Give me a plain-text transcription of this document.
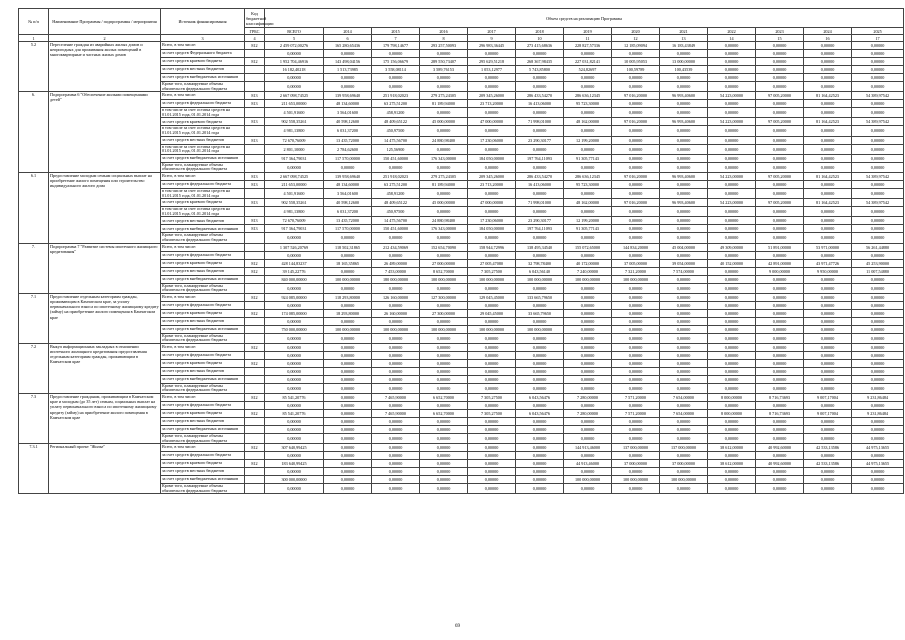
№ п/п	Наименование Программы / подпрограммы / мероприятия	Источник финансирования	Код бюджетной классификации	Объем средств на реализацию Программы												
			ГРБС	ВСЕГО	2014	2015	2016	2017	2018	2019	2020	2021	2022	2023	2024	2025
1	2	3	4	5	6	7	8	9	10	11	12	13	14	15	16	17
5.2	Переселение граждан из аварийных жилых домов и непригодных для проживания жилых помещений в многоквартирные и частных жилых домов	Всего, в том числе:	812	2 459 072,00276	165 280,65436	179 798,14677	293 257,50093	296 983,36445	273 415,68636	228 827,57336	12 185,09094	16 183,43849	0,00000	0,00000	0,00000	0,00000
		за счет средств Федерального бюджета		0,00000	0,00000	0,00000	0,00000	0,00000	0,00000	0,00000	0,00000	0,00000	0,00000	0,00000	0,00000	0,00000
		за счет средств краевого бюджета	812	1 952 704,46916	143 498,04156	175 156,06679	289 550,73407	295 629,51218	268 367,98435	227 031,82141	10 005,95053	13 000,00000	0,00000	0,00000	0,00000	0,00000
		за счет средств местных бюджетов		16 182,40218	1 513,73985	3 558,08114	3 589,76153	1 053,12977	5 743,85800	524,82697	100,59789	100,43539	0,00000	0,00000	0,00000	0,00000
		за счет средств внебюджетных источников		0,00000	0,00000	0,00000	0,00000	0,00000	0,00000	0,00000	0,00000	0,00000	0,00000	0,00000	0,00000	0,00000
		Кроме того, планируемые объемы обязательств федерального бюджета		0,00000	0,00000	0,00000	0,00000	0,00000	0,00000	0,00000	0,00000	0,00000	0,00000	0,00000	0,00000	0,00000
6.	Подпрограмма 6 "Обеспечение жилыми помещениями детей"	Всего, в том числе:	813	2 667 098,74525	139 958,69640	251 918,02023	279 275,24305	209 345,26000	286 433,54270	286 636,12345	97 016,20000	96 993,40600	54 223,00000	97 005,20000	81 164,42523	54 389,97542
		за счет средств федерального бюджета	813	211 653,00000	48 134,60000	63 275,51200	81 189,94000	23 713,20000	16 413,06000	95 723,30000	0,00000	0,00000	0,00000	0,00000	0,00000	0,00000
		в том числе за счет остатка средств на 01.01.2015 года, 01.01.2014 года		4 501,91600	3 564,01600	458,91200	0,00000	0,00000	0,00000	0,00000	0,00000	0,00000	0,00000	0,00000	0,00000	0,00000
		за счет средств краевого бюджета	813	902 558,35261	40 598,12600	48 409,65122	45 000,00000	47 000,00000	71 998,01000	48 162,00000	97 016,20000	96 993,40600	54 223,00000	97 005,20000	81 164,42523	54 389,97542
		в том числе за счет остатка средств на 01.01.2015 года, 01.01.2014 года		4 981,13800	6 031,37200	450,97500	0,00000	0,00000	0,00000	0,00000	0,00000	0,00000	0,00000	0,00000	0,00000	0,00000
		за счет средств местных бюджетов	813	72 670,76009	13 435,72000	14 475,56700	24 880,98400	17 230,06000	23 290,30177	12 199,20000	0,00000	0,00000	0,00000	0,00000	0,00000	0,00000
		в том числе за счет остатка средств на 01.01.2015 года, 01.01.2014 года		2 801,10000	2 784,62600	125,56900	0,00000	0,00000	0,00000	0,00000	0,00000	0,00000	0,00000	0,00000	0,00000	0,00000
		за счет средств внебюджетных источников		917 364,79031	117 570,00000	150 451,60000	176 343,00000	184 050,00000	197 764,11093	91 305,77143	0,00000	0,00000	0,00000	0,00000	0,00000	0,00000
		Кроме того, планируемые объемы обязательств федерального бюджета		0,00000	0,00000	0,00000	0,00000	0,00000	0,00000	0,00000	0,00000	0,00000	0,00000	0,00000	0,00000	0,00000
6.1	Предоставление молодым семьям социальных выплат на приобретение жилого помещения или строительство индивидуального жилого дома	Всего, в том числе:	813	2 667 098,74525	139 958,69640	251 918,02023	279 275,24305	209 345,26000	286 433,54270	286 636,12345	97 016,20000	96 993,40600	54 223,00000	97 005,20000	81 164,42523	54 389,97542
		за счет средств федерального бюджета	813	211 653,00000	48 134,60000	63 275,51200	81 189,94000	23 713,20000	16 413,06000	95 723,30000	0,00000	0,00000	0,00000	0,00000	0,00000	0,00000
		в том числе за счет остатка средств на 01.01.2015 года, 01.01.2014 года		4 501,91600	3 564,01600	458,91200	0,00000	0,00000	0,00000	0,00000	0,00000	0,00000	0,00000	0,00000	0,00000	0,00000
		за счет средств краевого бюджета	813	902 558,35261	40 598,12600	48 409,65122	45 000,00000	47 000,00000	71 998,01000	48 162,00000	97 016,20000	96 993,40600	54 223,00000	97 005,20000	81 164,42523	54 389,97542
		в том числе за счет остатка средств на 01.01.2015 года, 01.01.2014 года		4 981,13800	6 031,37200	450,97500	0,00000	0,00000	0,00000	0,00000	0,00000	0,00000	0,00000	0,00000	0,00000	0,00000
		за счет средств местных бюджетов	813	72 670,76009	13 435,72000	14 475,56700	24 880,98400	17 230,06000	23 290,30177	12 199,20000	0,00000	0,00000	0,00000	0,00000	0,00000	0,00000
		за счет средств внебюджетных источников	813	917 364,79031	117 570,00000	150 451,60000	176 343,00000	184 050,00000	197 764,11093	91 305,77143	0,00000	0,00000	0,00000	0,00000	0,00000	0,00000
		Кроме того, планируемые объемы обязательств федерального бюджета		0,00000	0,00000	0,00000	0,00000	0,00000	0,00000	0,00000	0,00000	0,00000	0,00000	0,00000	0,00000	0,00000
7.	Подпрограмма 7 "Развитие системы ипотечного жилищного кредитования"	Всего, в том числе:		1 307 526,20769	118 502,31865	212 434,59069	152 654,70090	158 944,72996	138 495,34540	155 072,65000	144 834,20000	45 004,00000	49 309,00000	51 891,00000	53 971,00000	56 261,44880
		за счет средств федерального бюджета		0,00000	0,00000	0,00000	0,00000	0,00000	0,00000	0,00000	0,00000	0,00000	0,00000	0,00000	0,00000	0,00000
		за счет средств краевого бюджета	812	428 144,83237	18 165,35865	26 489,00000	27 000,00000	27 005,47080	32 798,78400	40 172,00000	37 005,00000	39 054,00000	40 152,00000	42 891,00000	43 971,47726	45 253,90000
		за счет средств местных бюджетов	812	39 145,22776	0,00000	7 453,00000	8 652,70000	7 305,27500	6 043,56140	7 240,00000	7 321,20000	7 574,00000	0,00000	9 000,00000	9 950,00000	11 007,54880
		за счет средств внебюджетных источников		840 000,00000	100 000,00000	180 000,00000	100 000,00000	100 000,00000	100 000,00000	100 000,00000	100 000,00000	0,00000	0,00000	0,00000	0,00000	0,00000
		Кроме того, планируемые объемы обязательств федерального бюджета		0,00000	0,00000	0,00000	0,00000	0,00000	0,00000	0,00000	0,00000	0,00000	0,00000	0,00000	0,00000	0,00000
7.1	Предоставление отдельным категориям граждан, проживающим в Камчатском крае, за уплату первоначального взноса по ипотечному жилищному кредиту (займу) на приобретение жилого помещения в Камчатском крае	Всего, в том числе:	812	924 085,00000	118 293,80000	126 160,00000	127 300,00000	129 045,45000	133 665,79650	0,00000	0,00000	0,00000	0,00000	0,00000	0,00000	0,00000
		за счет средств федерального бюджета		0,00000	0,00000	0,00000	0,00000	0,00000	0,00000	0,00000	0,00000	0,00000	0,00000	0,00000	0,00000	0,00000
		за счет средств краевого бюджета	812	174 085,00000	18 293,80000	26 160,00000	27 300,00000	29 045,45000	33 665,79650	0,00000	0,00000	0,00000	0,00000	0,00000	0,00000	0,00000
		за счет средств местных бюджетов		0,00000	0,00000	0,00000	0,00000	0,00000	0,00000	0,00000	0,00000	0,00000	0,00000	0,00000	0,00000	0,00000
		за счет средств внебюджетных источников		750 000,00000	100 000,00000	100 000,00000	100 000,00000	100 000,00000	100 000,00000	0,00000	0,00000	0,00000	0,00000	0,00000	0,00000	0,00000
		Кроме того, планируемые объемы обязательств федерального бюджета		0,00000	0,00000	0,00000	0,00000	0,00000	0,00000	0,00000	0,00000	0,00000	0,00000	0,00000	0,00000	0,00000
7.2	Выкуп информационных закладных в отношении ипотечного жилищного кредитования предоставления отдельным категориям граждан, проживающим в Камчатском крае	Всего, в том числе:	812	0,00000	0,00000	0,00000	0,00000	0,00000	0,00000	0,00000	0,00000	0,00000	0,00000	0,00000	0,00000	0,00000
		за счет средств федерального бюджета		0,00000	0,00000	0,00000	0,00000	0,00000	0,00000	0,00000	0,00000	0,00000	0,00000	0,00000	0,00000	0,00000
		за счет средств краевого бюджета	812	0,00000	0,00000	0,00000	0,00000	0,00000	0,00000	0,00000	0,00000	0,00000	0,00000	0,00000	0,00000	0,00000
		за счет средств местных бюджетов		0,00000	0,00000	0,00000	0,00000	0,00000	0,00000	0,00000	0,00000	0,00000	0,00000	0,00000	0,00000	0,00000
		за счет средств внебюджетных источников		0,00000	0,00000	0,00000	0,00000	0,00000	0,00000	0,00000	0,00000	0,00000	0,00000	0,00000	0,00000	0,00000
		Кроме того, планируемые объемы обязательств федерального бюджета		0,00000	0,00000	0,00000	0,00000	0,00000	0,00000	0,00000	0,00000	0,00000	0,00000	0,00000	0,00000	0,00000
7.3	Предоставление гражданам, проживающим в Камчатском крае и молодым (до 35 лет) семьям, социальных выплат на уплату первоначального взноса по ипотечному жилищному кредиту (займу) на приобретение жилого помещения в Камчатском крае	Всего, в том числе:	812	85 541,20776	0,00000	7 465,90000	6 652,70000	7 305,27500	6 043,56476	7 280,00000	7 571,20000	7 654,00000	8 000,00000	8 716,73693	9 007,17004	9 231,86484
		за счет средств федерального бюджета		0,00000	0,00000	0,00000	0,00000	0,00000	0,00000	0,00000	0,00000	0,00000	0,00000	0,00000	0,00000	0,00000
		за счет средств краевого бюджета	812	85 541,20776	0,00000	7 465,90000	6 652,70000	7 305,27500	6 043,56476	7 280,00000	7 571,20000	7 654,00000	8 000,00000	8 716,73693	9 007,17004	9 231,86484
		за счет средств местных бюджетов		0,00000	0,00000	0,00000	0,00000	0,00000	0,00000	0,00000	0,00000	0,00000	0,00000	0,00000	0,00000	0,00000
		за счет средств внебюджетных источников		0,00000	0,00000	0,00000	0,00000	0,00000	0,00000	0,00000	0,00000	0,00000	0,00000	0,00000	0,00000	0,00000
		Кроме того, планируемые объемы обязательств федерального бюджета		0,00000	0,00000	0,00000	0,00000	0,00000	0,00000	0,00000	0,00000	0,00000	0,00000	0,00000	0,00000	0,00000
7.3.1	Региональный проект "Жилье"	Всего, в том числе:	812	307 640,99425	0,00000	0,00000	0,00000	0,00000	0,00000	144 913,46000	137 000,00000	137 000,00000	38 612,00000	40 992,60000	42 533,13586	44 975,13655
		за счет средств федерального бюджета		0,00000	0,00000	0,00000	0,00000	0,00000	0,00000	0,00000	0,00000	0,00000	0,00000	0,00000	0,00000	0,00000
		за счет средств краевого бюджета	812	183 640,99425	0,00000	0,00000	0,00000	0,00000	0,00000	44 913,46000	37 000,00000	37 000,00000	38 612,00000	40 992,60000	42 533,13586	44 975,13655
		за счет средств местных бюджетов		0,00000	0,00000	0,00000	0,00000	0,00000	0,00000	0,00000	0,00000	0,00000	0,00000	0,00000	0,00000	0,00000
		за счет средств внебюджетных источников		300 000,00000	0,00000	0,00000	0,00000	0,00000	0,00000	100 000,00000	100 000,00000	100 000,00000	0,00000	0,00000	0,00000	0,00000
		Кроме того, планируемые объемы обязательств федерального бюджета		0,00000	0,00000	0,00000	0,00000	0,00000	0,00000	0,00000	0,00000	0,00000	0,00000	0,00000	0,00000	0,00000
69
